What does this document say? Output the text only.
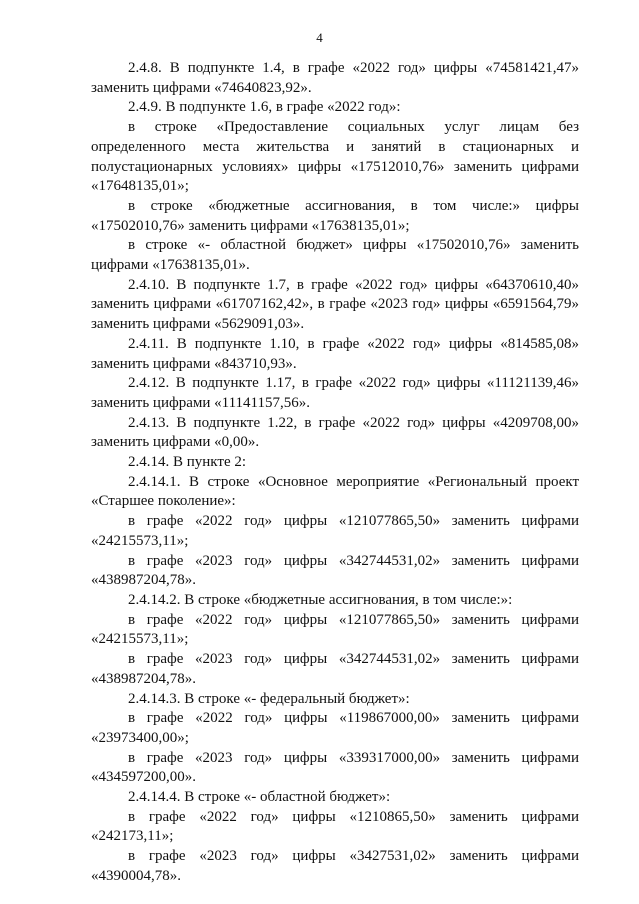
4

2.4.8. В подпункте 1.4, в графе «2022 год» цифры «74581421,47» заменить цифрами «74640823,92».

2.4.9. В подпункте 1.6, в графе «2022 год»:

в строке «Предоставление социальных услуг лицам без определенного места жительства и занятий в стационарных и полустационарных условиях» цифры «17512010,76» заменить цифрами «17648135,01»;

в строке «бюджетные ассигнования, в том числе:» цифры «17502010,76» заменить цифрами «17638135,01»;

в строке «- областной бюджет» цифры «17502010,76» заменить цифрами «17638135,01».

2.4.10. В подпункте 1.7, в графе «2022 год» цифры «64370610,40» заменить цифрами «61707162,42», в графе «2023 год» цифры «6591564,79» заменить цифрами «5629091,03».

2.4.11. В подпункте 1.10, в графе «2022 год» цифры «814585,08» заменить цифрами «843710,93».

2.4.12. В подпункте 1.17, в графе «2022 год» цифры «11121139,46» заменить цифрами «11141157,56».

2.4.13. В подпункте 1.22, в графе «2022 год» цифры «4209708,00» заменить цифрами «0,00».

2.4.14. В пункте 2:

2.4.14.1. В строке «Основное мероприятие «Региональный проект «Старшее поколение»:

в графе «2022 год» цифры «121077865,50» заменить цифрами «24215573,11»;

в графе «2023 год» цифры «342744531,02» заменить цифрами «438987204,78».

2.4.14.2. В строке «бюджетные ассигнования, в том числе:»:

в графе «2022 год» цифры «121077865,50» заменить цифрами «24215573,11»;

в графе «2023 год» цифры «342744531,02» заменить цифрами «438987204,78».

2.4.14.3. В строке «- федеральный бюджет»:

в графе «2022 год» цифры «119867000,00» заменить цифрами «23973400,00»;

в графе «2023 год» цифры «339317000,00» заменить цифрами «434597200,00».

2.4.14.4. В строке «- областной бюджет»:

в графе «2022 год» цифры «1210865,50» заменить цифрами «242173,11»;

в графе «2023 год» цифры «3427531,02» заменить цифрами «4390004,78».
